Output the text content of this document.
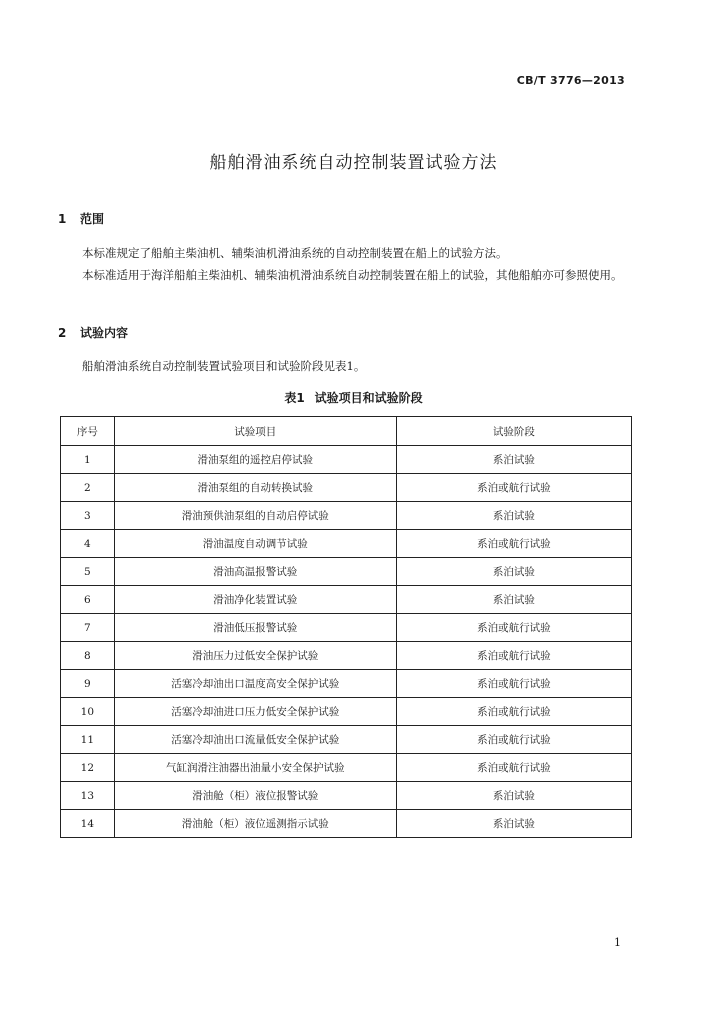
CB/T 3776—2013
船舶滑油系统自动控制装置试验方法
1 范围

本标准规定了船舶主柴油机、辅柴油机滑油系统的自动控制装置在船上的试验方法。

本标准适用于海洋船舶主柴油机、辅柴油机滑油系统自动控制装置在船上的试验，其他船舶亦可参照使用。

2 试验内容

船舶滑油系统自动控制装置试验项目和试验阶段见表1。

表1 试验项目和试验阶段
序号	试验项目	试验阶段
1	滑油泵组的遥控启停试验	系泊试验
2	滑油泵组的自动转换试验	系泊或航行试验
3	滑油预供油泵组的自动启停试验	系泊试验
4	滑油温度自动调节试验	系泊或航行试验
5	滑油高温报警试验	系泊试验
6	滑油净化装置试验	系泊试验
7	滑油低压报警试验	系泊或航行试验
8	滑油压力过低安全保护试验	系泊或航行试验
9	活塞冷却油出口温度高安全保护试验	系泊或航行试验
10	活塞冷却油进口压力低安全保护试验	系泊或航行试验
11	活塞冷却油出口流量低安全保护试验	系泊或航行试验
12	气缸润滑注油器出油量小安全保护试验	系泊或航行试验
13	滑油舱（柜）液位报警试验	系泊试验
14	滑油舱（柜）液位遥测指示试验	系泊试验
1
